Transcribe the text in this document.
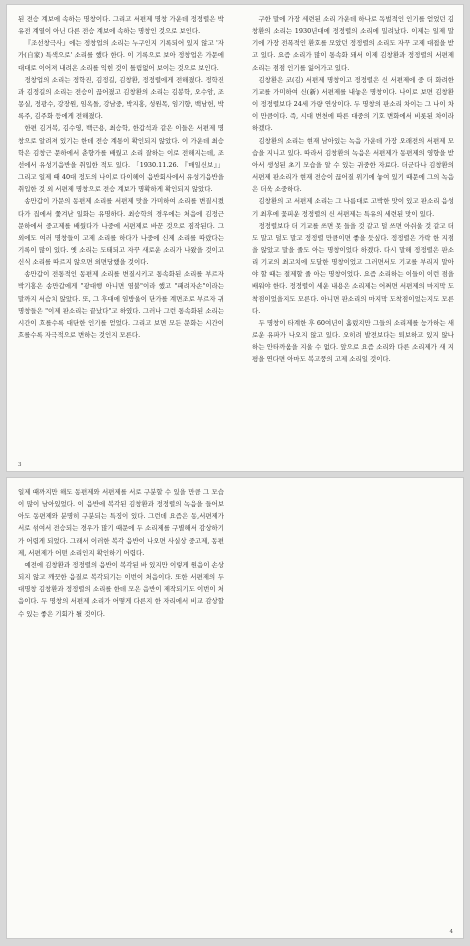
된 전승 계보에 속하는 명창이다. 그리고 서편제 명창 가운데 정정렬은 박유전 계열이 아닌 다른 전승 계보에 속하는 명창인 것으로 보인다.

『조선창극사』에는 정창업의 소리는 누구인지 기록되어 있지 않고 '자가(自家) 특색으로' 소리를 했다 한다. 이 기록으로 보아 정창업은 가문에 대대로 이어져 내려온 소리를 익힌 것이 틀림없어 보이는 것으로 보인다.

정창업의 소리는 정학진, 김정길, 김창환, 정정렬에게 전해졌다. 정학진과 김정길의 소리는 전승이 끊어졌고 김창환의 소리는 김봉학, 오수암, 조몽실, 정광수, 강장원, 임옥돌, 강남중, 박지홍, 성원목, 임기향, 백남헌, 박록주, 김주화 등에게 전해졌다.

한편 김거복, 김수영, 백근용, 최승학, 한갑석과 같은 이들은 서편제 명창으로 알려져 있기는 한데 전승 계통이 확인되지 않았다. 이 가운데 최승학은 김창근 문하에서 춘향가를 배웠고 소리 잘하는 이로 전해지는데, 조선에서 유성기음반을 취입한 적도 있다. 「1930.11.26. 『매일신보』」 그리고 일제 때 40대 정도의 나이로 다이헤이 음반회사에서 유성기음반을 취입한 것 외 서편제 명창으로 전승 계보가 명확하게 확인되지 않았다.

송만갑이 가문의 동편제 소리를 서편제 맛을 가미하여 소리를 변질시켰다가 집에서 쫓겨난 일화는 유명하다. 최승학의 경우에는 처음에 김정근 문하에서 중고제를 배웠다가 나중에 서편제로 바꾼 것으로 짐작된다. 그 외에도 여러 명창들이 고제 소리를 하다가 나중에 신제 소리를 따랐다는 기록이 많이 있다. 옛 소리는 도태되고 자꾸 새로운 소리가 나왔을 것이고 신식 소리를 따르지 않으면 외면당했을 것이다.

송만갑이 전통적인 동편제 소리를 변질시키고 통속화된 소리를 부르자 박기홍은 송만갑에게 "광대행 아니면 염불"이라 했고 "패려자손"이라는 말까지 서슴치 않았다. 또, 그 후대에 임방울이 단가를 계면조로 부르자 귀명창들은 "이제 판소리는 끝났다"고 하였다. 그러나 그런 통속화된 소리는 시간이 흐를수록 대단한 인기를 얻었다. 그리고 보면 모든 문화는 시간이 흐를수록 자극적으로 변하는 것인지 모른다.

구한 말에 가장 세련된 소리 가운데 하나로 독벌적인 인기를 얻었던 김창환의 소리는 1930년대에 정정렬의 소리에 밀려났다. 이제는 일제 말기에 가장 전폭적인 환호를 모았던 정정렬의 소리도 자꾸 고제 대접을 받고 있다. 요즘 소리가 많이 통속화 돼서 이제 김창환과 정정렬의 서편제 소리는 점점 인기를 잃어가고 있다.

김창환은 코(김) 서편제 명창이고 정정렬은 신 서편제에 중 더 화려한 기교를 가미하여 신(新) 서편제를 내놓은 명창이다. 나이로 보면 김창환이 정정렬보다 24세 가량 연상이다. 두 명창의 판소리 차이는 그 나이 차이 만큼이다. 즉, 시대 변천에 따른 대중의 기호 변화에서 비롯된 차이라 하겠다.

김창환의 소리는 현재 남아있는 녹음 가운데 가장 오래전의 서편제 모습을 지니고 있다. 따라서 김창환의 녹음은 서편제가 동편제의 영향을 받아서 생성된 초기 모습을 알 수 있는 귀중한 자료다. 더군다나 김창환의 서편제 판소리가 현재 전승이 끊어질 위기에 놓여 있기 때문에 그의 녹음은 더욱 소중하다.

김창환의 고 서편제 소리는 그 나름대로 고박한 맛이 있고 판소리 음성기 최후에 꽃피운 정정렬의 신 서편제는 특유의 세련된 맛이 있다.

정정렬보다 더 기교를 쓰면 못 들을 것 같고 덜 쓰면 아쉬울 것 같고 더도 말고 덜도 말고 정정렬 만큼이면 좋을 듯싶다. 정정렬은 가락 한 지점을 않았고 말을 줄도 아는 명창이었다 하겠다. 다시 말해 정정렬은 판소리 기교의 최고치에 도달한 명창이었고 그러면서도 기교를 부리지 말아야 할 때는 절제할 줄 아는 명창이었다. 요즘 소리하는 이들이 이런 점을 배워야 한다. 정정렬이 세운 내용은 소리제는 어쩌면 서편제의 마지막 도착점이었을지도 모른다. 아니면 판소리의 마지막 도착점이었는지도 모른다.

두 명창이 타계한 후 60여년이 흘렀지만 그들의 소리제를 능가하는 새로운 유파가 나오지 않고 있다. 오히려 발전보다는 퇴보하고 있지 않나 하는 안타까움을 지울 수 없다. 앞으로 요즘 소리와 다른 소리제가 새 지평을 연다면 아마도 복고풍의 고제 소리일 것이다.

3

일제 때까지만 해도 동편제와 서편제를 서로 구분할 수 있을 만큼 그 모습이 많이 남아있었다. 이 음반에 복각된 김창환과 정정렬의 녹음을 들어보아도 동편제와 분명히 구분되는 특징이 있다. 그런데 요즘은 동,서편제가 서로 섞여서 전승되는 경우가 많기 때문에 두 소리제를 구별해서 감상하기가 어렵게 되었다. 그래서 이러한 복각 음반이 나오면 사실상 중고제, 동편제, 서편제가 어떤 소리인지 확인하기 어렵다.

예전에 김창환과 정정렬의 음반이 복각된 바 있지만 이렇게 원음이 손상되지 않고 깨끗한 음질로 복각되기는 이번이 처음이다. 또한 서편제의 두 대명창 김창환과 정정렬의 소리를 한데 모은 음반이 제작되기도 이번이 처음이다. 두 명창의 서편제 소리가 어떻게 다른지 한 자리에서 비교 감상할 수 있는 좋은 기회가 될 것이다.

4
